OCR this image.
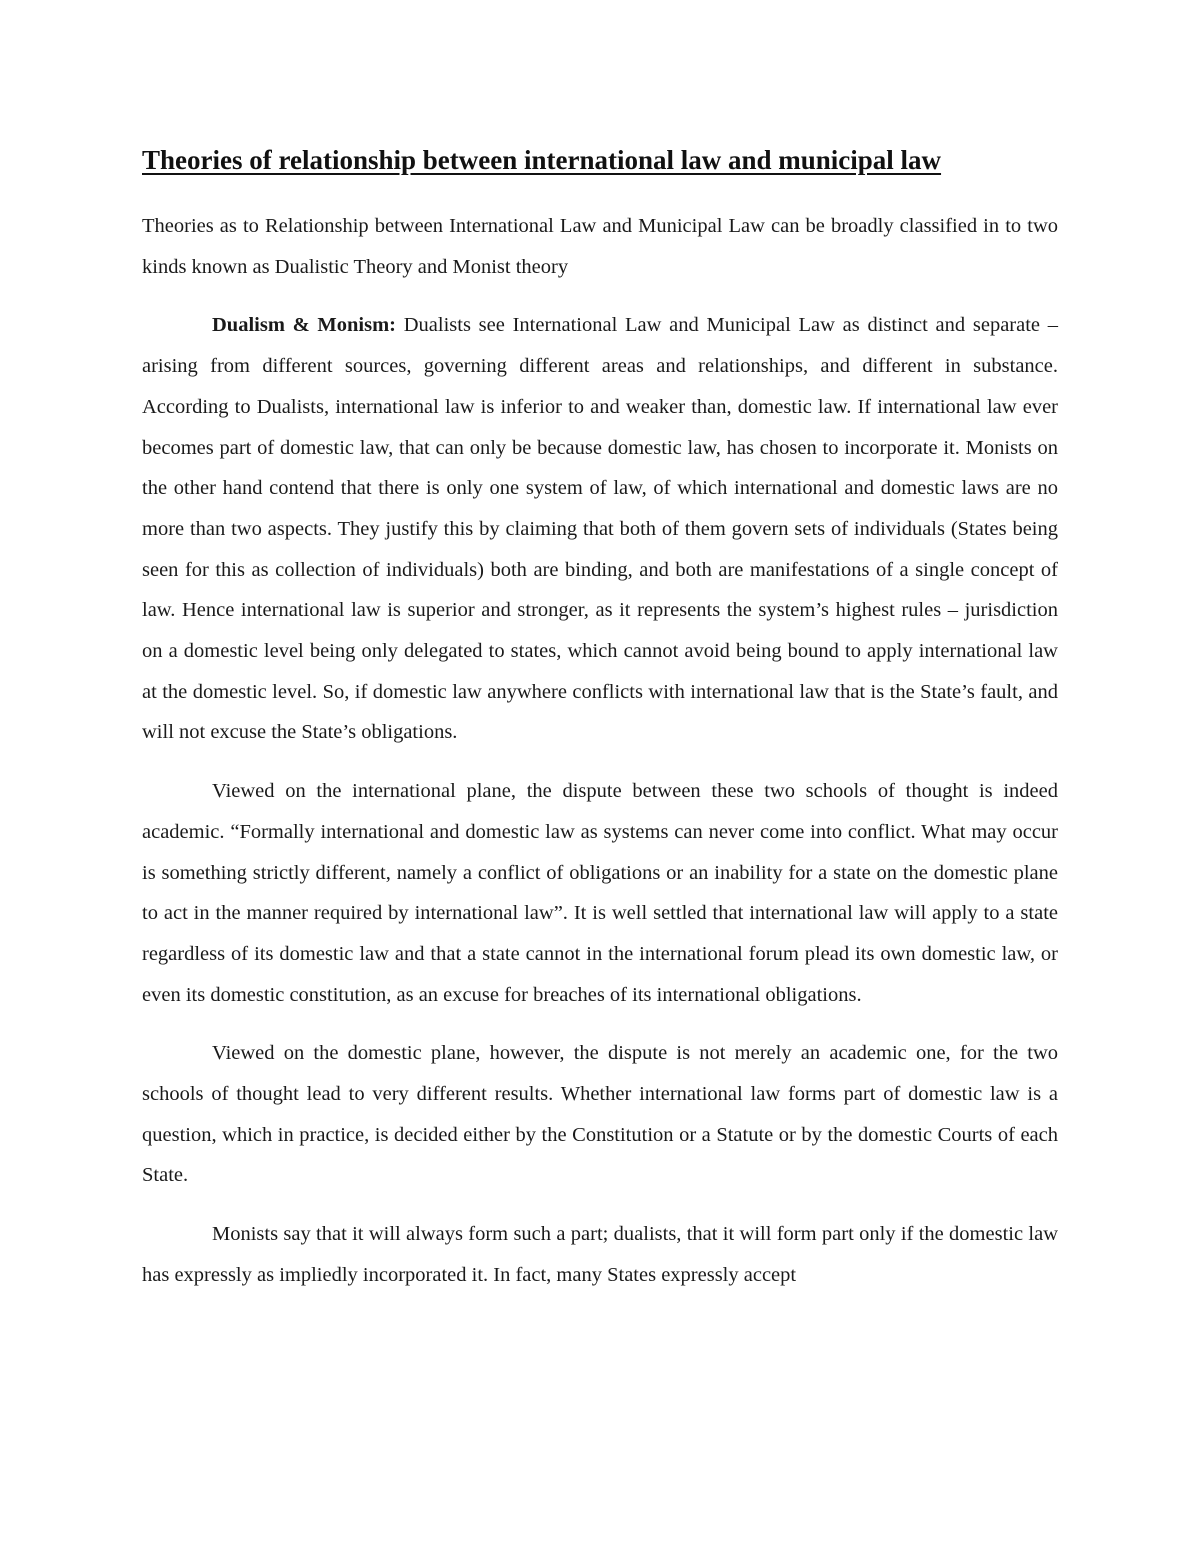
Theories of relationship between international law and municipal law

Theories as to Relationship between International Law and Municipal Law can be broadly classified in to two kinds known as Dualistic Theory and Monist theory

Dualism & Monism: Dualists see International Law and Municipal Law as distinct and separate – arising from different sources, governing different areas and relationships, and different in substance. According to Dualists, international law is inferior to and weaker than, domestic law. If international law ever becomes part of domestic law, that can only be because domestic law, has chosen to incorporate it. Monists on the other hand contend that there is only one system of law, of which international and domestic laws are no more than two aspects. They justify this by claiming that both of them govern sets of individuals (States being seen for this as collection of individuals) both are binding, and both are manifestations of a single concept of law. Hence international law is superior and stronger, as it represents the system’s highest rules – jurisdiction on a domestic level being only delegated to states, which cannot avoid being bound to apply international law at the domestic level. So, if domestic law anywhere conflicts with international law that is the State’s fault, and will not excuse the State’s obligations.

Viewed on the international plane, the dispute between these two schools of thought is indeed academic. “Formally international and domestic law as systems can never come into conflict. What may occur is something strictly different, namely a conflict of obligations or an inability for a state on the domestic plane to act in the manner required by international law”. It is well settled that international law will apply to a state regardless of its domestic law and that a state cannot in the international forum plead its own domestic law, or even its domestic constitution, as an excuse for breaches of its international obligations.

Viewed on the domestic plane, however, the dispute is not merely an academic one, for the two schools of thought lead to very different results. Whether international law forms part of domestic law is a question, which in practice, is decided either by the Constitution or a Statute or by the domestic Courts of each State.

Monists say that it will always form such a part; dualists, that it will form part only if the domestic law has expressly as impliedly incorporated it. In fact, many States expressly accept
